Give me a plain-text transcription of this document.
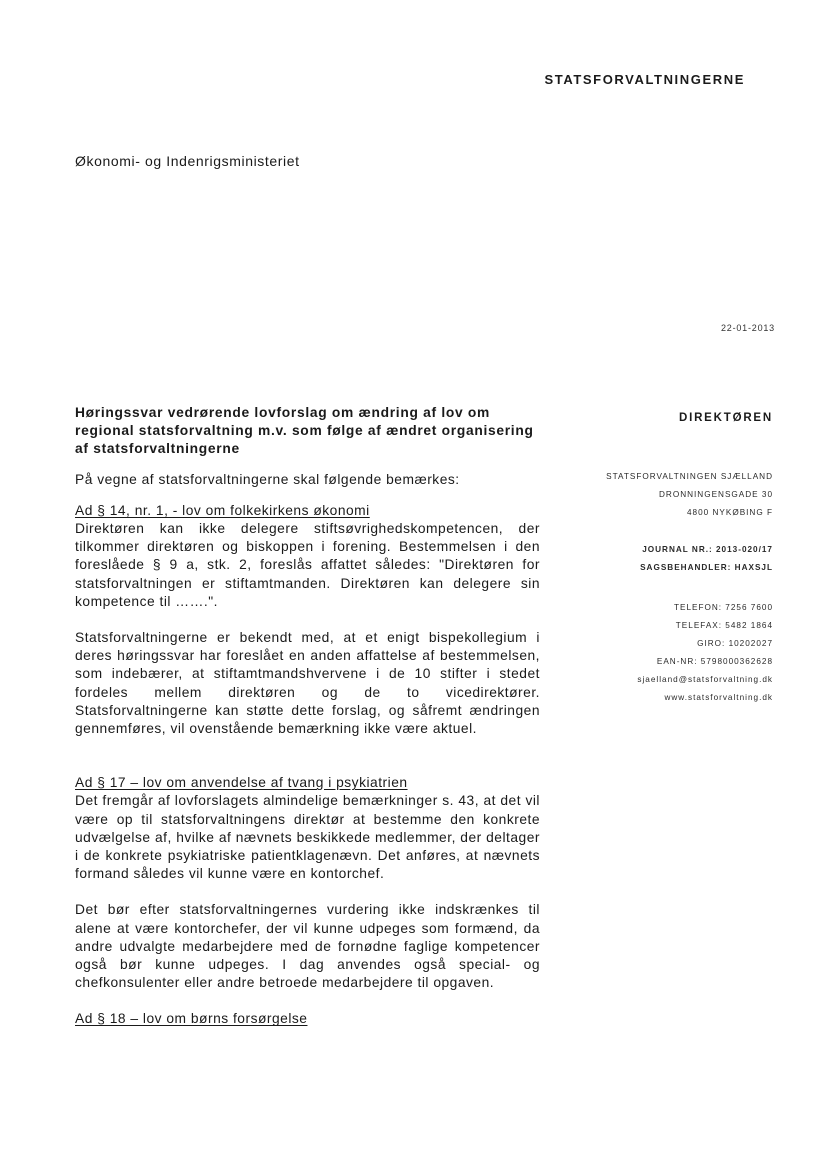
STATSFORVALTNINGERNE
Økonomi- og Indenrigsministeriet
22-01-2013

Høringssvar vedrørende lovforslag om ændring af lov om regional statsforvaltning m.v. som følge af ændret organisering af statsforvaltningerne

På vegne af statsforvaltningerne skal følgende bemærkes:

Ad § 14, nr. 1, - lov om folkekirkens økonomi

Direktøren kan ikke delegere stiftsøvrighedskompetencen, der tilkommer direktøren og biskoppen i forening. Bestemmelsen i den foreslåede § 9 a, stk. 2, foreslås affattet således: "Direktøren for statsforvaltningen er stiftamtmanden. Direktøren kan delegere sin kompetence til …….".

Statsforvaltningerne er bekendt med, at et enigt bispekollegium i deres høringssvar har foreslået en anden affattelse af bestemmelsen, som indebærer, at stiftamtmandshvervene i de 10 stifter i stedet fordeles mellem direktøren og de to vicedirektører. Statsforvaltningerne kan støtte dette forslag, og såfremt ændringen gennemføres, vil ovenstående bemærkning ikke være aktuel.

Ad § 17 – lov om anvendelse af tvang i psykiatrien

Det fremgår af lovforslagets almindelige bemærkninger s. 43, at det vil være op til statsforvaltningens direktør at bestemme den konkrete udvælgelse af, hvilke af nævnets beskikkede medlemmer, der deltager i de konkrete psykiatriske patientklagenævn. Det anføres, at nævnets formand således vil kunne være en kontorchef.

Det bør efter statsforvaltningernes vurdering ikke indskrænkes til alene at være kontorchefer, der vil kunne udpeges som formænd, da andre udvalgte medarbejdere med de fornødne faglige kompetencer også bør kunne udpeges. I dag anvendes også special- og chefkonsulenter eller andre betroede medarbejdere til opgaven.

Ad § 18 – lov om børns forsørgelse

DIREKTØREN
STATSFORVALTNINGEN SJÆLLAND
DRONNINGENSGADE 30
4800 NYKØBING F
JOURNAL NR.: 2013-020/17
SAGSBEHANDLER: HAXSJL
TELEFON: 7256 7600
TELEFAX: 5482 1864
GIRO: 10202027
EAN-NR: 5798000362628
sjaelland@statsforvaltning.dk
www.statsforvaltning.dk
